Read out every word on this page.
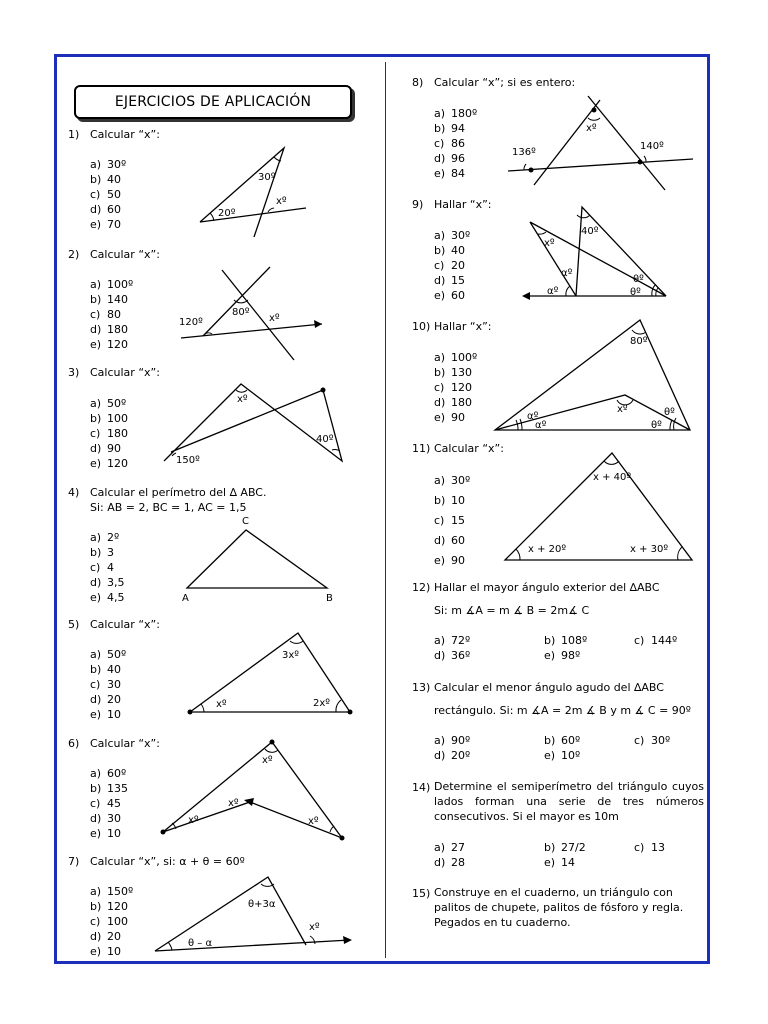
EJERCICIOS DE APLICACIÓN
1) Calcular “x”:
a) 30º
b) 40
c) 50
d) 60
e) 70
30º
20º
xº
2) Calcular “x”:
a) 100º
b) 140
c) 80
d) 180
e) 120
120º
80º
xº
3) Calcular “x”:
a) 50º
b) 100
c) 180
d) 90
e) 120
xº
40º
150º
4) Calcular el perímetro del ∆ ABC.
Si: AB = 2, BC = 1, AC = 1,5
a) 2º
b) 3
c) 4
d) 3,5
e) 4,5	A	B
C
5) Calcular “x”:
a) 50º
b) 40
c) 30
d) 20
e) 10
3xº
xº	2xº
6) Calcular “x”:
a) 60º
b) 135
c) 45
d) 30
e) 10
xº
xº
xº
xº
7) Calcular “x”, si: α + θ = 60º
a) 150º
b) 120
c) 100
d) 20
e) 10
θ+3α
θ – α
xº
8) Calcular “x”; si es entero:
a) 180º
b) 94
c) 86
d) 96
e) 84
xº
136º
140º
9) Hallar “x”:
a) 30º
b) 40
c) 20
d) 15
e) 60
xº
40º
αº
αº
θº
θº
10) Hallar “x”:
a) 100º
b) 130
c) 120
d) 180
e) 90
80º
xº
αº
αº
θº
θº
11) Calcular “x”:
a) 30º
b) 10
c) 15
d) 60
e) 90
x + 40º
x + 20º	x + 30º
12) Hallar el mayor ángulo exterior del ∆ABC
Si: m ∡A = m ∡ B = 2m∡ C
a) 72º	b) 108º	c) 144º
d) 36º	e) 98º
13) Calcular el menor ángulo agudo del ∆ABC
rectángulo. Si: m ∡A = 2m ∡ B y m ∡ C = 90º
a) 90º	b) 60º	c) 30º
d) 20º	e) 10º
14) Determine el semiperímetro del triángulo cuyos lados forman una serie de tres números consecutivos. Si el mayor es 10m
a) 27	b) 27/2	c) 13
d) 28	e) 14
15) Construye en el cuaderno, un triángulo con palitos de chupete, palitos de fósforo y regla. Pegados en tu cuaderno.
